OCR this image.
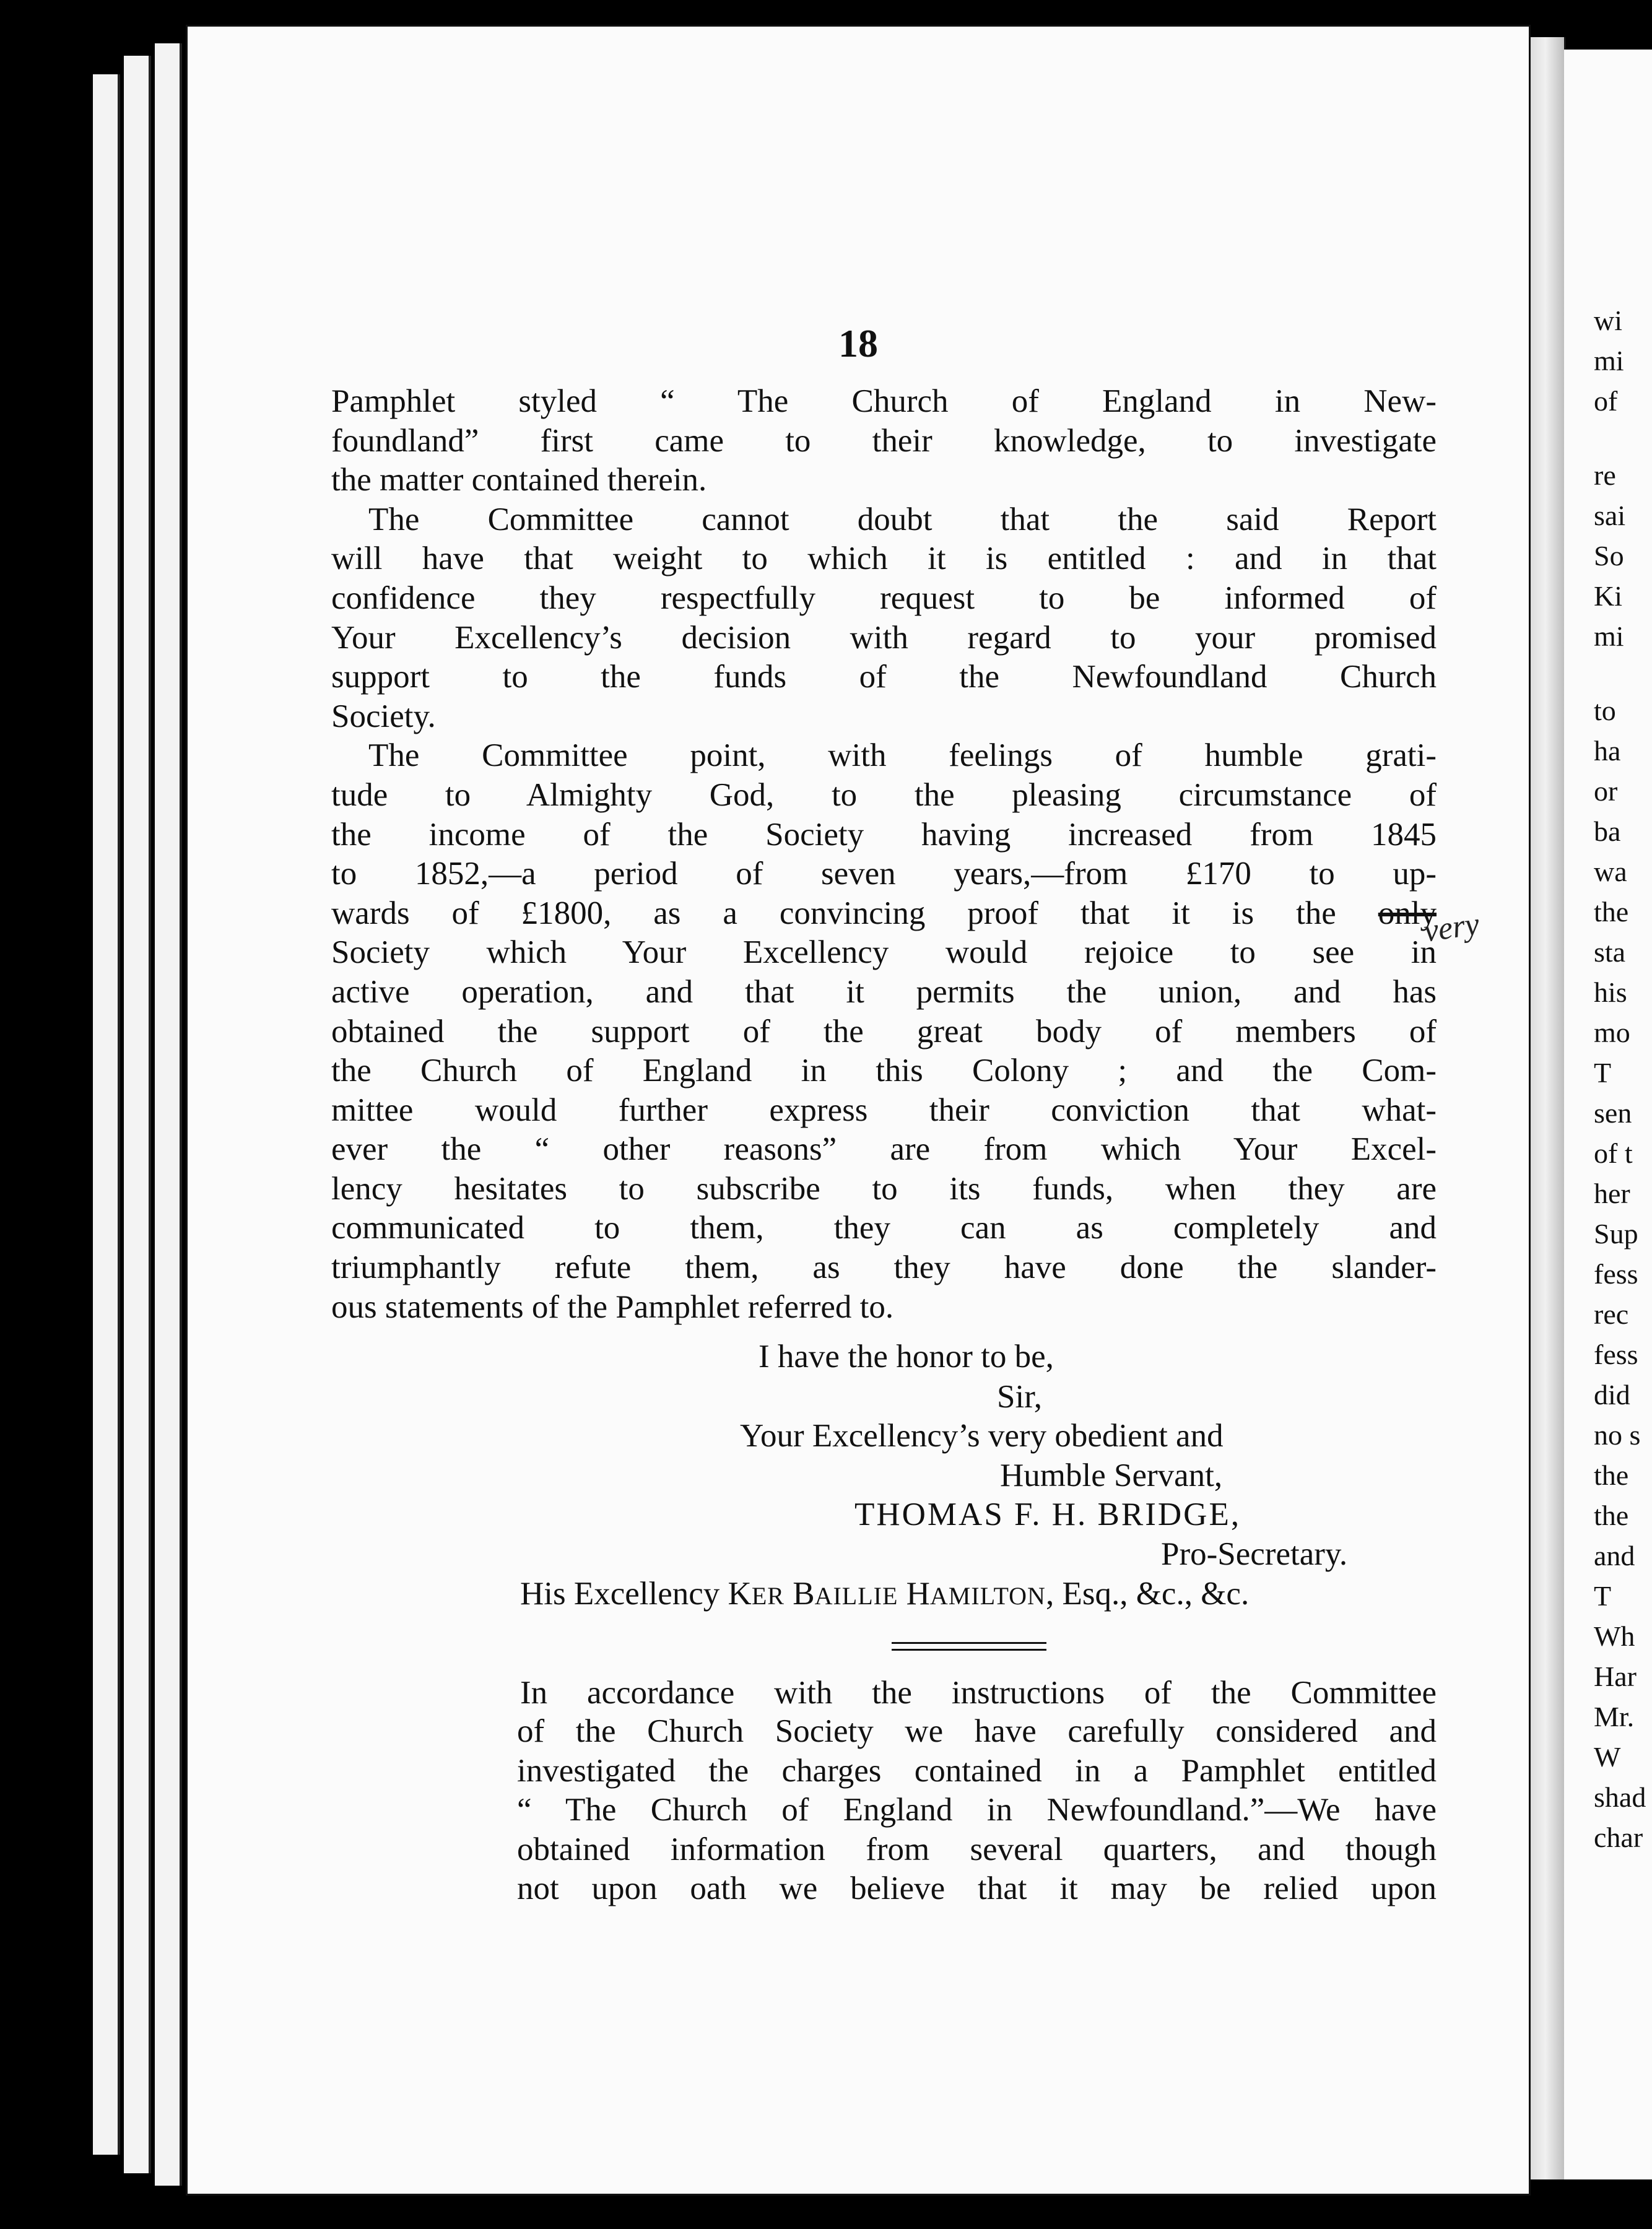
wi
mi
of
re
sai
So
Ki
mi
to
ha
or
ba
wa
the
sta
his
mo
T
sen
of t
her
Sup
fess
rec
fess
did
no s
the
the
and
T
Wh
Har
Mr.
W
shad
char
18
Pamphlet styled “ The Church of England in New-
foundland” first came to their knowledge, to investigate
the matter contained therein.
The Committee cannot doubt that the said Report
will have that weight to which it is entitled : and in that
confidence they respectfully request to be informed of
Your Excellency’s decision with regard to your promised
support to the funds of the Newfoundland Church
Society.
The Committee point, with feelings of humble grati-
tude to Almighty God, to the pleasing circumstance of
the income of the Society having increased from 1845
to 1852,—a period of seven years,—from £170 to up-
wards of £1800, as a convincing proof that it is the only
Society which Your Excellency would rejoice to see in
active operation, and that it permits the union, and has
obtained the support of the great body of members of
the Church of England in this Colony ; and the Com-
mittee would further express their conviction that what-
ever the “ other reasons” are from which Your Excel-
lency hesitates to subscribe to its funds, when they are
communicated to them, they can as completely and
triumphantly refute them, as they have done the slander-
ous statements of the Pamphlet referred to.
very
I have the honor to be,
Sir,
Your Excellency’s very obedient and
Humble Servant,
THOMAS F. H. BRIDGE,
Pro-Secretary.
His Excellency KER BAILLIE HAMILTON, Esq., &c., &c.
In accordance with the instructions of the Committee
of the Church Society we have carefully considered and
investigated the charges contained in a Pamphlet entitled
“ The Church of England in Newfoundland.”—We have
obtained information from several quarters, and though
not upon oath we believe that it may be relied upon
